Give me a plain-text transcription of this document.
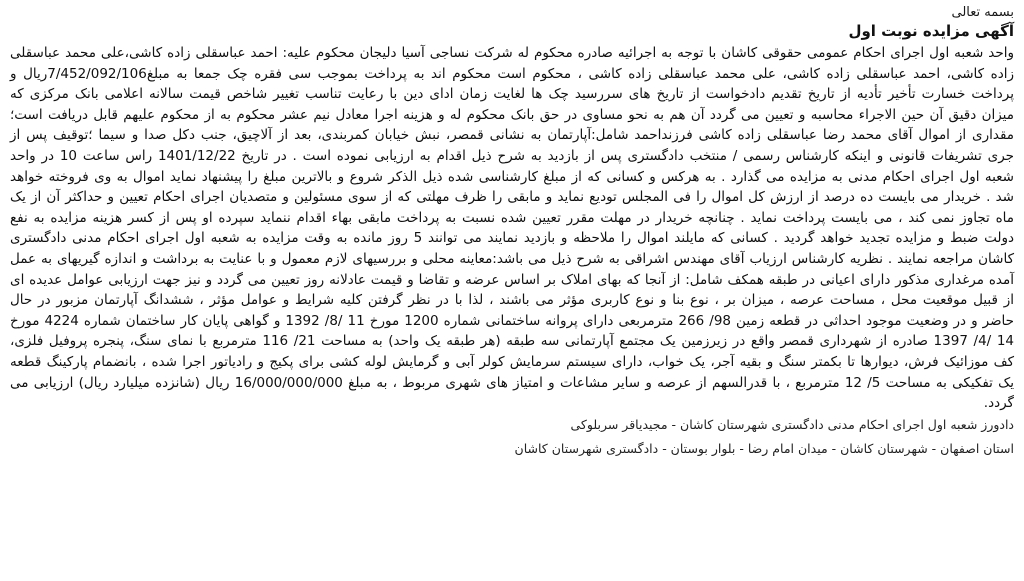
بسمه تعالی
آگهی مزایده نوبت اول

واحد شعبه اول اجرای احکام عمومی حقوقی کاشان با توجه به اجرائیه صادره محکوم له شرکت نساجی آسیا دلیجان محکوم علیه: احمد عباسقلی زاده کاشی،علی محمد عباسقلی زاده کاشی، احمد عباسقلی زاده کاشی، علی محمد عباسقلی زاده کاشی ، محکوم است محکوم اند به پرداخت بموجب سی فقره چک جمعا به مبلغ7/452/092/106ریال و پرداخت خسارت تأخیر تأدیه از تاریخ تقدیم دادخواست از تاریخ های سررسید چک ها لغایت زمان ادای دین با رعایت تناسب تغییر شاخص قیمت سالانه اعلامی بانک مرکزی که میزان دقیق آن حین الاجراء محاسبه و تعیین می گردد آن هم به نحو مساوی در حق بانک محکوم له و هزینه اجرا معادل نیم عشر محکوم به از محکوم علیهم قابل دریافت است؛ مقداری از اموال آقای محمد رضا عباسقلی زاده کاشی فرزنداحمد شامل:آپارتمان به نشانی قمصر، نبش خیابان کمربندی، بعد از آلاچیق، جنب دکل صدا و سیما ؛توقیف پس از جری تشریفات قانونی و اینکه کارشناس رسمی / منتخب دادگستری پس از بازدید به شرح ذیل اقدام به ارزیابی نموده است . در تاریخ 1401/12/22 راس ساعت 10 در واحد شعبه اول اجرای احکام مدنی به مزایده می گذارد . به هرکس و کسانی که از مبلغ کارشناسی شده ذیل الذکر شروع و بالاترین مبلغ را پیشنهاد نماید اموال به وی فروخته خواهد شد . خریدار می بایست ده درصد از ارزش کل اموال را فی المجلس تودیع نماید و مابقی را ظرف مهلتی که از سوی مسئولین و متصدیان اجرای احکام تعیین و حداکثر آن از یک ماه تجاوز نمی کند ، می بایست پرداخت نماید . چنانچه خریدار در مهلت مقرر تعیین شده نسبت به پرداخت مابقی بهاء اقدام ننماید سپرده او پس از کسر هزینه مزایده به نفع دولت ضبط و مزایده تجدید خواهد گردید . کسانی که مایلند اموال را ملاحظه و بازدید نمایند می توانند 5 روز مانده به وقت مزایده به شعبه اول اجرای احکام مدنی دادگستری کاشان مراجعه نمایند . نظریه کارشناس ارزیاب آقای مهندس اشراقی به شرح ذیل می باشد:معاینه محلی و بررسیهای لازم معمول و با عنایت به برداشت و اندازه گیریهای به عمل آمده مرغداری مذکور دارای اعیانی در طبقه همکف شامل: از آنجا که بهای املاک بر اساس عرضه و تقاضا و قیمت عادلانه روز تعیین می گردد و نیز جهت ارزیابی عوامل عدیده ای از قبیل موقعیت محل ، مساحت عرصه ، میزان بر ، نوع بنا و نوع کاربری مؤثر می باشند ، لذا با در نظر گرفتن کلیه شرایط و عوامل مؤثر ، ششدانگ آپارتمان مزبور در حال حاضر و در وضعیت موجود احداثی در قطعه زمین 98/ 266 مترمربعی دارای پروانه ساختمانی شماره 1200 مورخ 11 /8/ 1392 و گواهی پایان کار ساختمان شماره 4224 مورخ 14 /4/ 1397 صادره از شهرداری قمصر واقع در زیرزمین یک مجتمع آپارتمانی سه طبقه (هر طبقه یک واحد) به مساحت 21/ 116 مترمربع با نمای سنگ، پنجره پروفیل فلزی، کف موزائیک فرش، دیوارها تا بکمتر سنگ و بقیه آجر، یک خواب، دارای سیستم سرمایش کولر آبی و گرمایش لوله کشی برای پکیج و رادیاتور اجرا شده ، بانضمام پارکینگ قطعه یک تفکیکی به مساحت 5/ 12 مترمربع ، با قدرالسهم از عرصه و سایر مشاعات و امتیاز های شهری مربوط ، به مبلغ 16/000/000/000 ریال (شانزده میلیارد ریال) ارزیابی می گردد.

دادورز شعبه اول اجرای احکام مدنی دادگستری شهرستان کاشان - مجیدیاقر سربلوکی
استان اصفهان - شهرستان کاشان - میدان امام رضا - بلوار بوستان - دادگستری شهرستان کاشان
